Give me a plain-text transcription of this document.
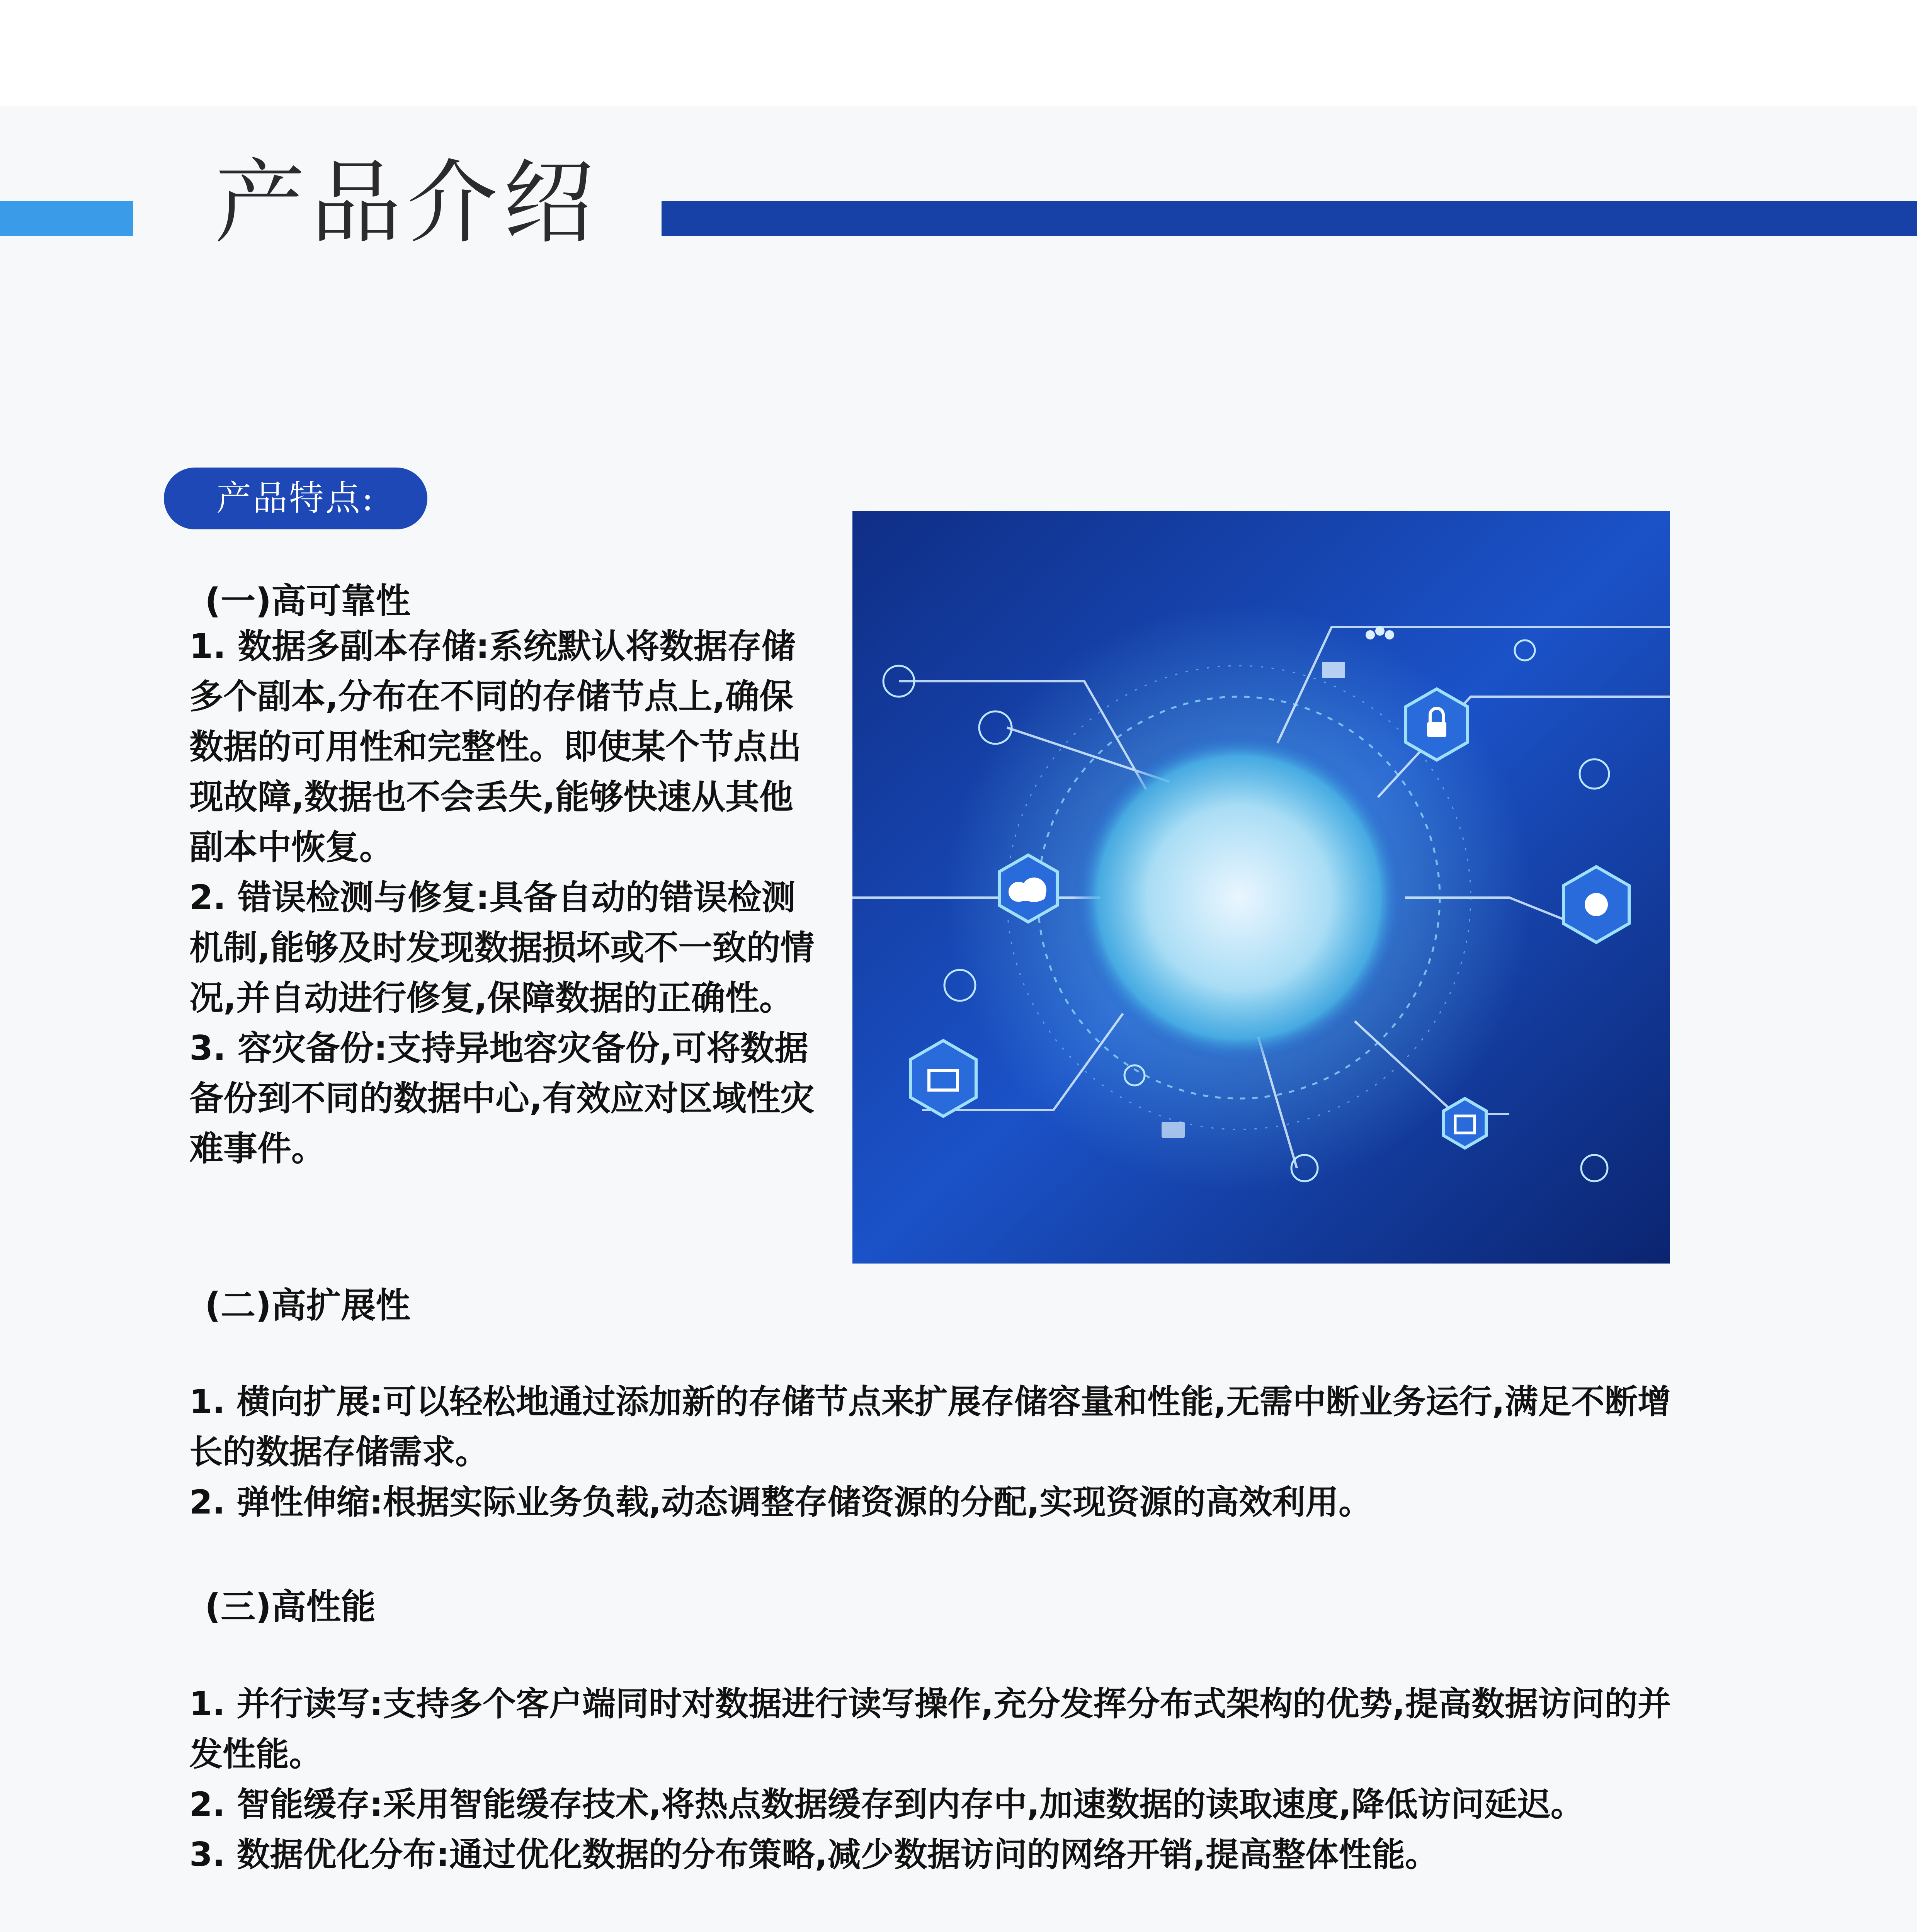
产品介绍
产品特点:
(一)高可靠性

1. 数据多副本存储:系统默认将数据存储多个副本,分布在不同的存储节点上,确保数据的可用性和完整性。即使某个节点出现故障,数据也不会丢失,能够快速从其他副本中恢复。

2. 错误检测与修复:具备自动的错误检测机制,能够及时发现数据损坏或不一致的情况,并自动进行修复,保障数据的正确性。

3. 容灾备份:支持异地容灾备份,可将数据备份到不同的数据中心,有效应对区域性灾难事件。

(二)高扩展性

1. 横向扩展:可以轻松地通过添加新的存储节点来扩展存储容量和性能,无需中断业务运行,满足不断增长的数据存储需求。

2. 弹性伸缩:根据实际业务负载,动态调整存储资源的分配,实现资源的高效利用。

(三)高性能

1. 并行读写:支持多个客户端同时对数据进行读写操作,充分发挥分布式架构的优势,提高数据访问的并发性能。

2. 智能缓存:采用智能缓存技术,将热点数据缓存到内存中,加速数据的读取速度,降低访问延迟。

3. 数据优化分布:通过优化数据的分布策略,减少数据访问的网络开销,提高整体性能。
